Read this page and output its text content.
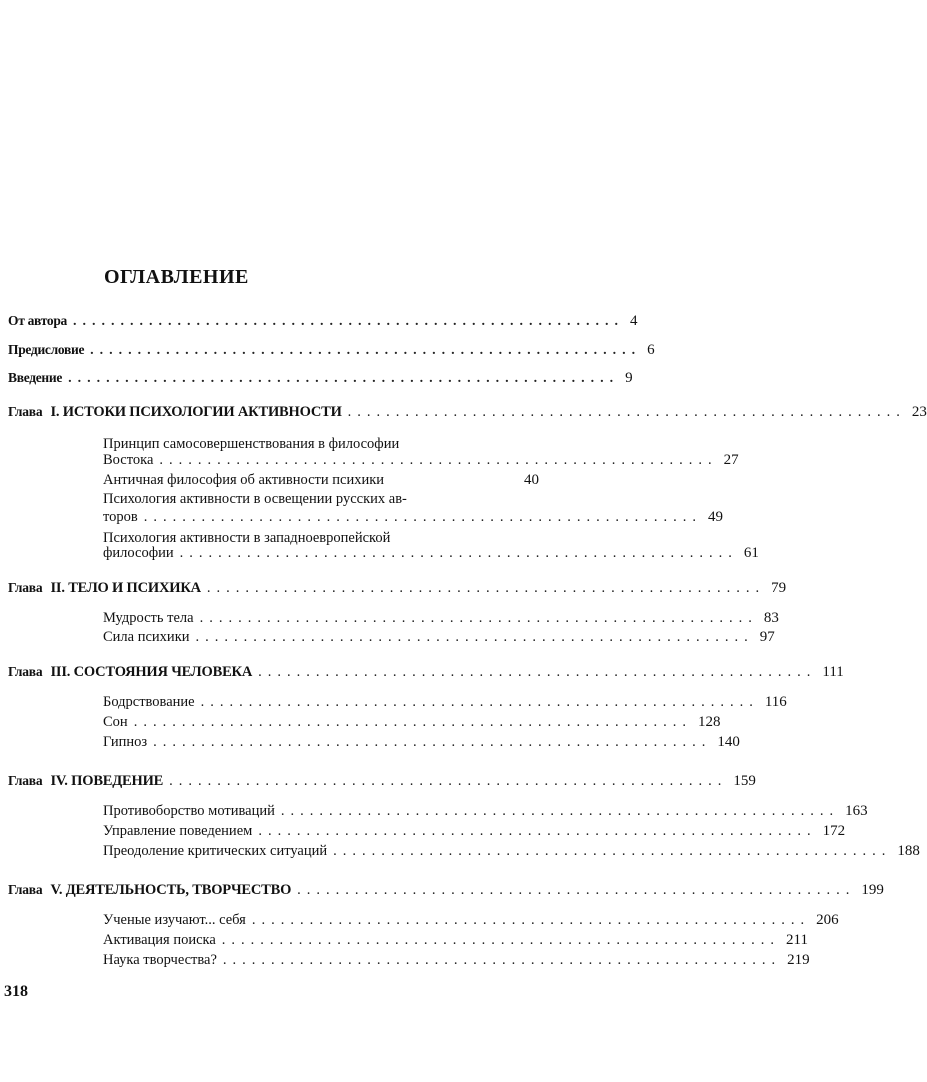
ОГЛАВЛЕНИЕ
От автора .......................................................... 4
Предисловие .......................................................... 6
Введение .......................................................... 9
Глава I. ИСТОКИ ПСИХОЛОГИИ АКТИВНОСТИ .......................................................... 23
Принцип самосовершенствования в философии
Востока .......................................................... 27
Античная философия об активности психики	40
Психология активности в освещении русских ав-
торов .......................................................... 49
Психология активности в западноевропейской
философии .......................................................... 61
Глава II. ТЕЛО И ПСИХИКА .......................................................... 79
Мудрость тела .......................................................... 83
Сила психики .......................................................... 97
Глава III. СОСТОЯНИЯ ЧЕЛОВЕКА .......................................................... 111
Бодрствование .......................................................... 116
Сон .......................................................... 128
Гипноз .......................................................... 140
Глава IV. ПОВЕДЕНИЕ .......................................................... 159
Противоборство мотиваций .......................................................... 163
Управление поведением .......................................................... 172
Преодоление критических ситуаций .......................................................... 188
Глава V. ДЕЯТЕЛЬНОСТЬ, ТВОРЧЕСТВО .......................................................... 199
Ученые изучают... себя .......................................................... 206
Активация поиска .......................................................... 211
Наука творчества? .......................................................... 219
318
